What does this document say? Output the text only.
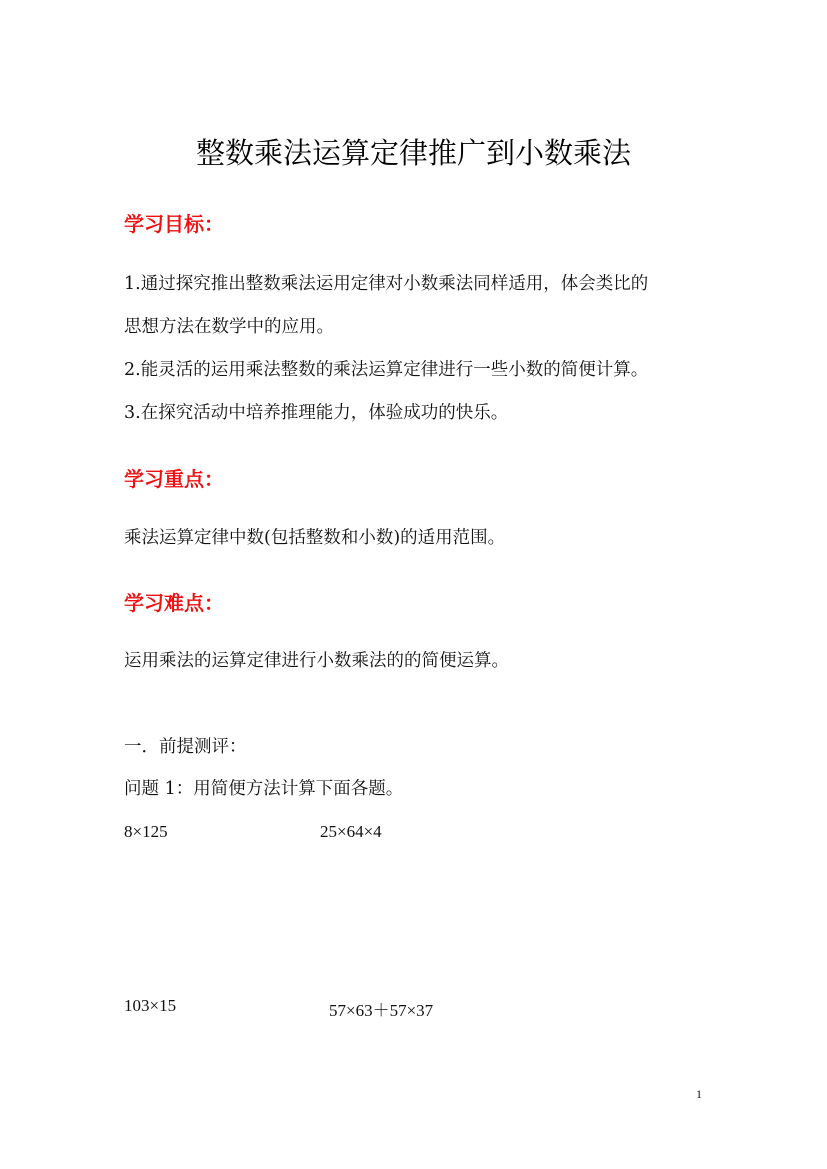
整数乘法运算定律推广到小数乘法
学习目标：
1.通过探究推出整数乘法运用定律对小数乘法同样适用，体会类比的
思想方法在数学中的应用。
2.能灵活的运用乘法整数的乘法运算定律进行一些小数的简便计算。
3.在探究活动中培养推理能力，体验成功的快乐。
学习重点：
乘法运算定律中数(包括整数和小数)的适用范围。
学习难点：
运用乘法的运算定律进行小数乘法的的简便运算。
一．前提测评：
问题 1：用简便方法计算下面各题。
8×125	25×64×4
103×15	57×63＋57×37
1
